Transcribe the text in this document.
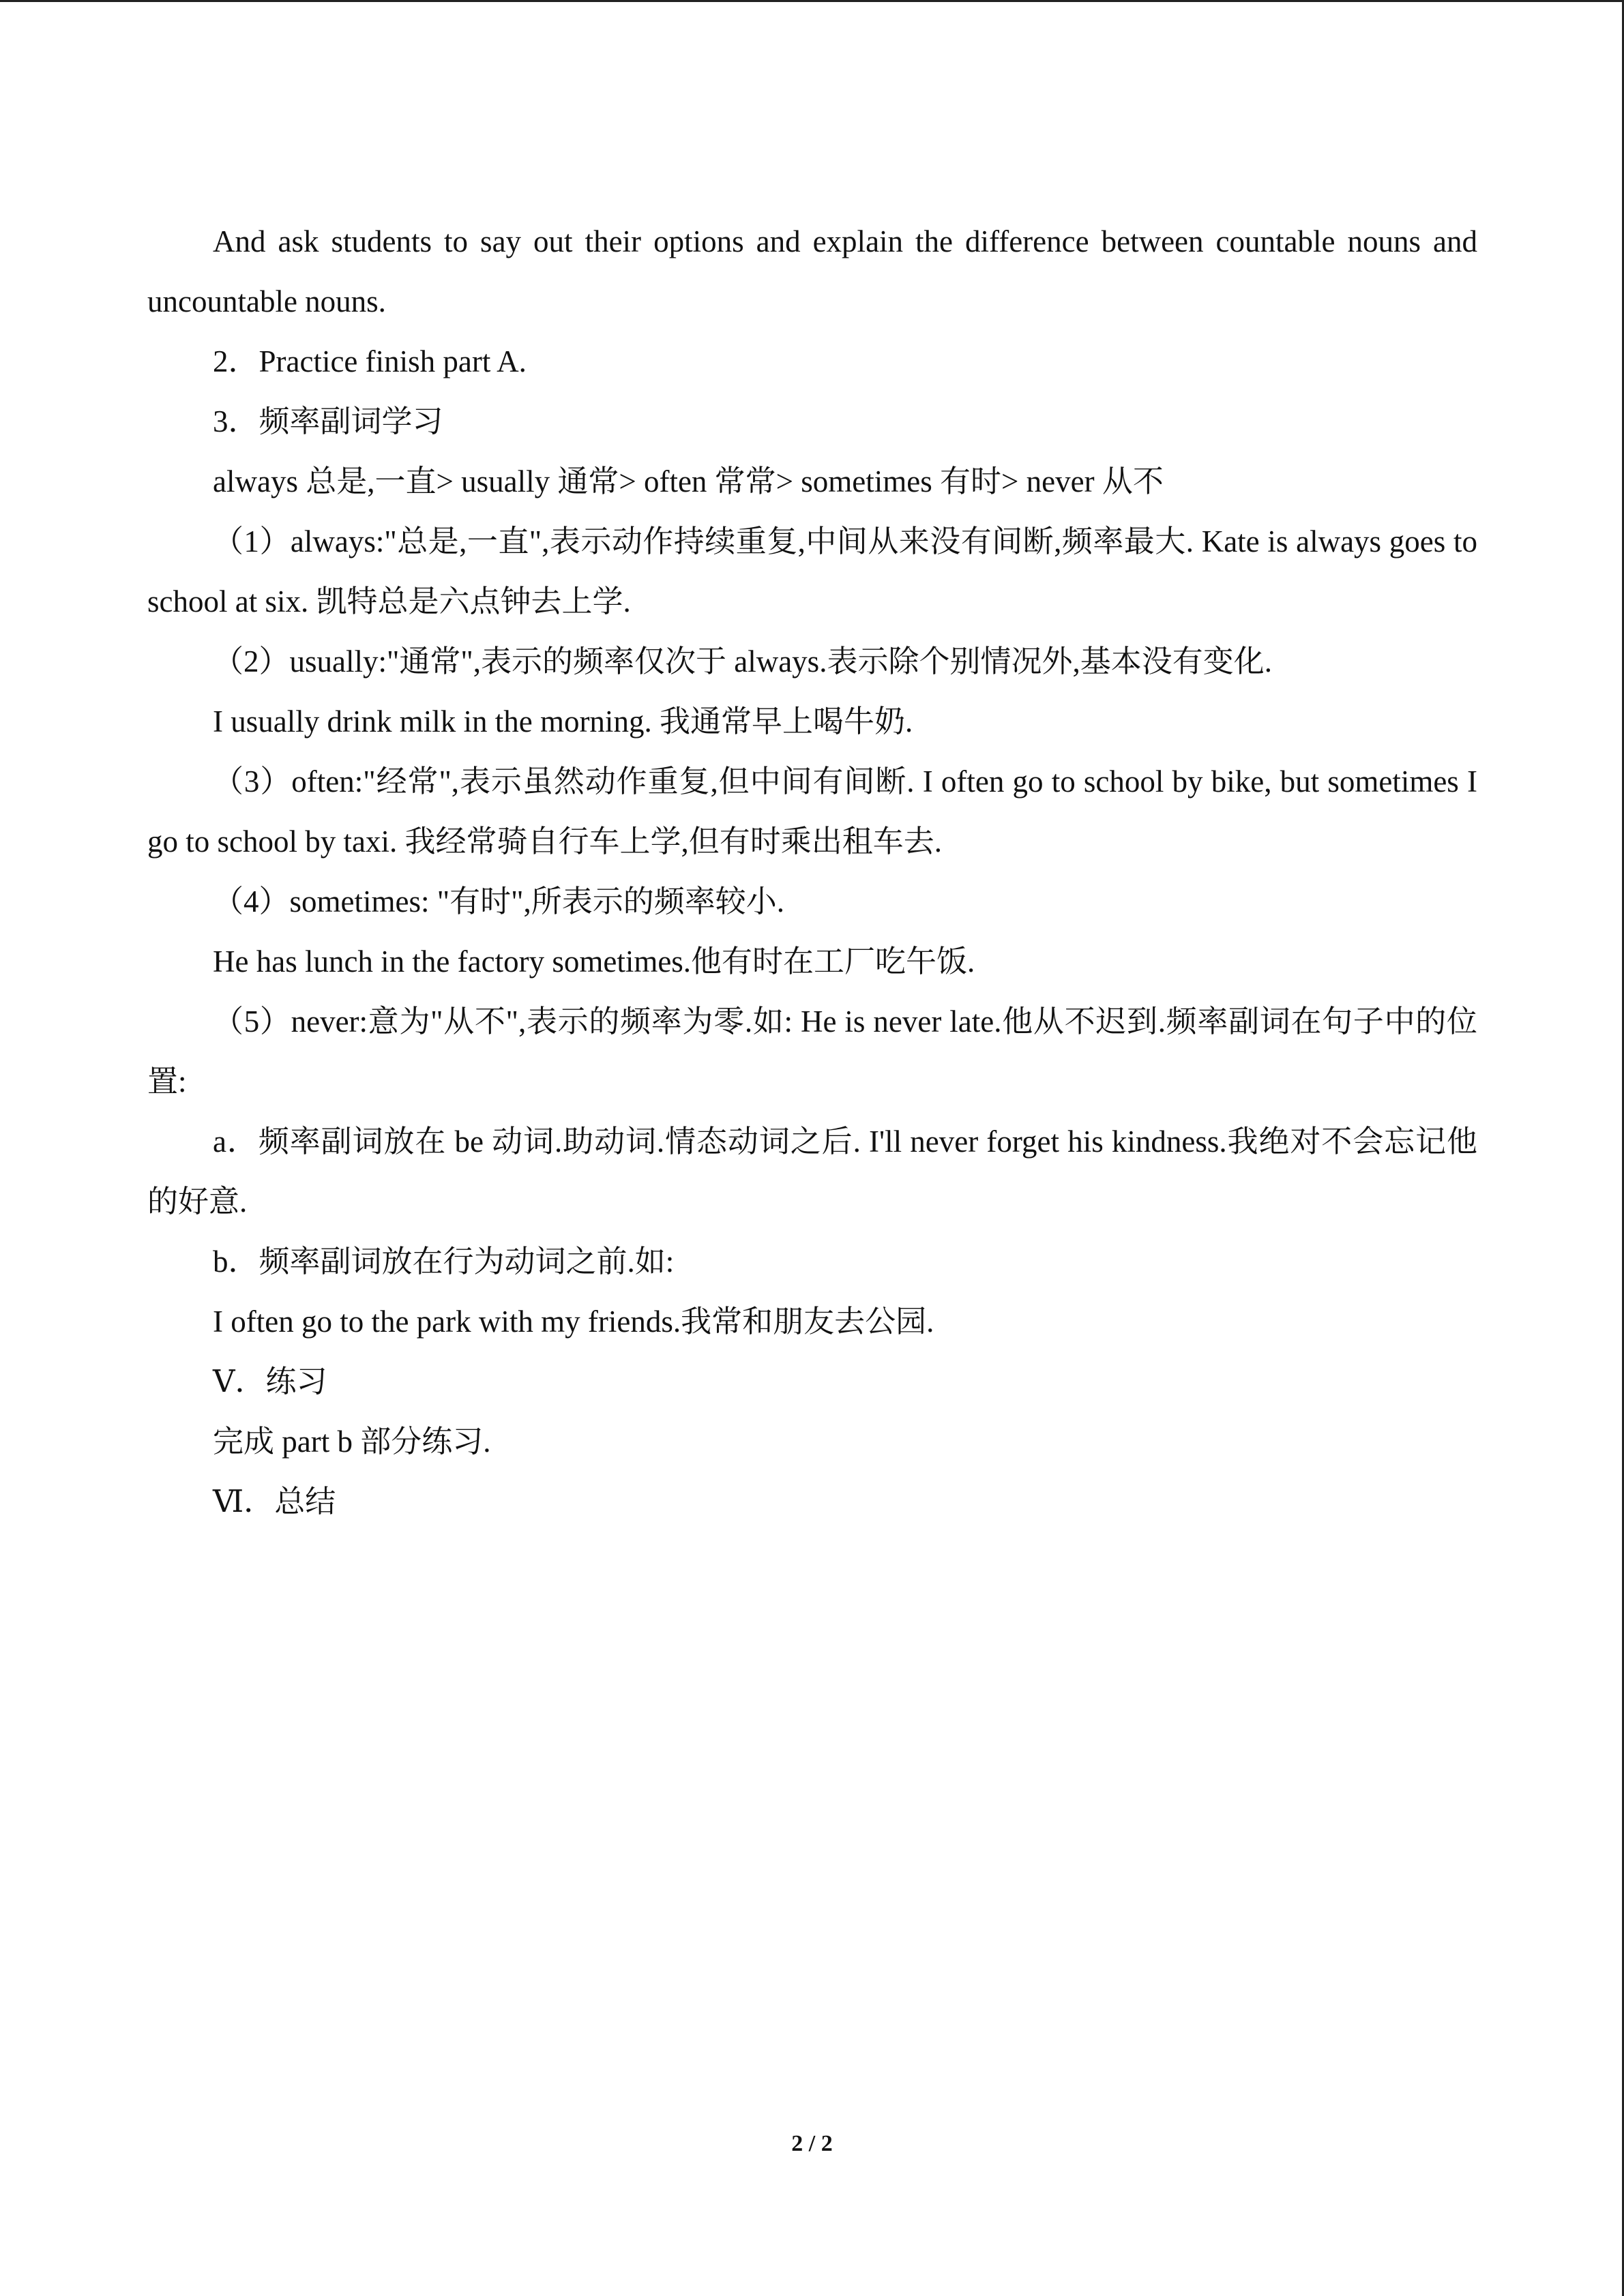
And ask students to say out their options and explain the difference between countable nouns and uncountable nouns.

2．Practice finish part A.

3．频率副词学习

always 总是,一直> usually 通常> often 常常> sometimes 有时> never 从不

（1）always:"总是,一直",表示动作持续重复,中间从来没有间断,频率最大. Kate is always goes to school at six. 凯特总是六点钟去上学.

（2）usually:"通常",表示的频率仅次于 always.表示除个别情况外,基本没有变化.

I usually drink milk in the morning. 我通常早上喝牛奶.

（3）often:"经常",表示虽然动作重复,但中间有间断. I often go to school by bike, but sometimes I go to school by taxi. 我经常骑自行车上学,但有时乘出租车去.

（4）sometimes: "有时",所表示的频率较小.

He has lunch in the factory sometimes.他有时在工厂吃午饭.

（5）never:意为"从不",表示的频率为零.如: He is never late.他从不迟到.频率副词在句子中的位置:

a．频率副词放在 be 动词.助动词.情态动词之后. I'll never forget his kindness.我绝对不会忘记他的好意.

b．频率副词放在行为动词之前.如:

I often go to the park with my friends.我常和朋友去公园.

Ⅴ．练习

完成 part b 部分练习.

Ⅵ．总结

2 / 2
